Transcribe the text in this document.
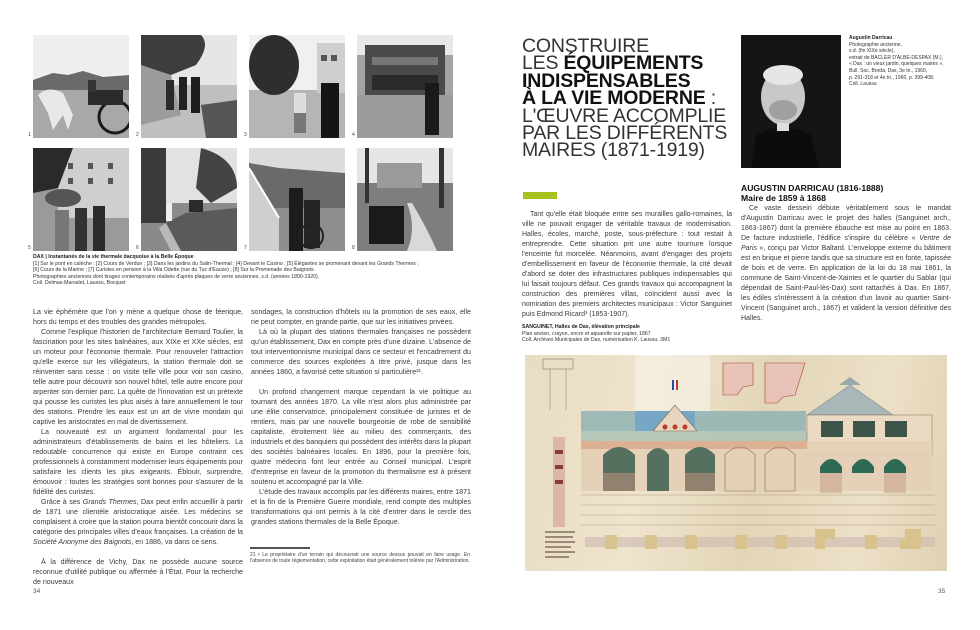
1	2	3	4
5	6	7	8
DAX | Instantanés de la vie thermale dacquoise à la Belle Époque
[1] Sur le pont en calèche ; [2] Cours de Verdun ; [3] Dans les jardins du Salin-Thermal ; [4] Devant le Casino ; [5] Élégantes se promenant devant les Grands Thermes ;
[6] Cours de la Marine ; [7] Curistes en pension à la Villa Odette (rue du Tuc d'Eauze) ; [8] Sur la Promenade des Baignots.
Photographies anciennes dont tirages contemporains réalisés d'après plaques de verre anciennes, s.d. (années 1890-1920).
Coll. Delmas-Marsalet, Laussu, Bocquet

La vie éphémère que l'on y mène a quelque chose de féerique, hors du temps et des troubles des grandes métropoles.

Comme l'explique l'historien de l'architecture Bernard Toulier, la fascination pour les sites balnéaires, aux XIXe et XXe siècles, est un moteur pour l'économie thermale. Pour renouveler l'attraction qu'elle exerce sur les villégiateurs, la station thermale doit se réinventer sans cesse : on visite telle ville pour voir son casino, telle autre pour découvrir son nouvel hôtel, telle autre encore pour arpenter son dernier parc. La quête de l'innovation est un prétexte qui pousse les curistes les plus aisés à faire annuellement le tour des stations. Prendre les eaux est un art de vivre mondain qui captive les aristocrates en mal de divertissement.

La nouveauté est un argument fondamental pour les administrateurs d'établissements de bains et les hôteliers. La redoutable concurrence qui existe en Europe contraint ces professionnels à constamment moderniser leurs équipements pour satisfaire les clients les plus exigeants. Éblouir, surprendre, émouvoir : toutes les stratégies sont bonnes pour s'assurer de la fidélité des curistes.

Grâce à ses Grands Thermes, Dax peut enfin accueillir à partir de 1871 une clientèle aristocratique aisée. Les médecins se complaisent à croire que la station pourra bientôt concourir dans la catégorie des principales villes d'eaux françaises. La création de la Société Anonyme des Baignots, en 1886, va dans ce sens.

À la différence de Vichy, Dax ne possède aucune source reconnue d'utilité publique ou affermée à l'État. Pour la recherche de nouveaux

sondages, la construction d'hôtels ou la promotion de ses eaux, elle ne peut compter, en grande partie, que sur les initiatives privées.

Là où la plupart des stations thermales françaises ne possèdent qu'un établissement, Dax en compte près d'une dizaine. L'absence de tout interventionnisme municipal dans ce secteur et l'encadrement du commerce des sources exploitées à titre privé, jusque dans les années 1860, a favorisé cette situation si particulière²¹.

Un profond changement marque cependant la vie politique au tournant des années 1870. La ville n'est alors plus administrée par une élite conservatrice, principalement constituée de juristes et de rentiers, mais par une nouvelle bourgeoisie de robe de sensibilité capitaliste, étroitement liée au milieu des commerçants, des industriels et des banquiers qui possèdent des intérêts dans la plupart des sociétés balnéaires locales. En 1896, pour la première fois, quatre médecins font leur entrée au Conseil municipal. L'esprit d'entreprise en faveur de la promotion du thermalisme est à présent soutenu et accompagné par la Ville.

L'étude des travaux accomplis par les différents maires, entre 1871 et la fin de la Première Guerre mondiale, rend compte des multiples transformations qui ont permis à la cité d'entrer dans le cercle des grandes stations thermales de la Belle Époque.

21 • Le propriétaire d'un terrain qui découvrait une source dessus pouvait en faire usage. En l'absence de toute réglementation, cette exploitation était généralement tolérée par l'Administration.
34
CONSTRUIRE
LES ÉQUIPEMENTS
INDISPENSABLES
À LA VIE MODERNE :
L'ŒUVRE ACCOMPLIE
PAR LES DIFFÉRENTS
MAIRES (1871-1919)

Tant qu'elle était bloquée entre ses murailles gallo-romaines, la ville ne pouvait engager de véritable travaux de modernisation. Halles, écoles, marché, poste, sous-préfecture : tout restait à entreprendre. Cette situation prit une autre tournure lorsque l'enceinte fut morcelée. Néanmoins, avant d'engager des projets d'embellissement en faveur de l'économie thermale, la cité devait d'abord se doter des infrastructures publiques indispensables qui lui faisait toujours défaut. Ces grands travaux qui accompagnent la construction des premières villas, coïncident aussi avec la nomination des premiers architectes municipaux : Victor Sanguinet puis Edmond Ricard³ (1853-1907).

Augustin Darricau
Photographie ancienne,
s.d. (fin XIXe siècle),
extrait de BACLER D'ALBE-DESPAX (M.),
« Dax : un vieux jardin, quelques maires »,
Bull. Soc. Borda, Dax, 3e tri., 1960,
p. 291-318 et 4e tri., 1960, p. 399-408.
Coll. Laussu
AUGUSTIN DARRICAU (1816-1888)
Maire de 1859 à 1868

Ce vaste dessein débute véritablement sous le mandat d'Augustin Darricau avec le projet des halles (Sanguinet arch., 1863-1867) dont la première ébauche est mise au point en 1863. De facture industrielle, l'édifice s'inspire du célèbre « Ventre de Paris », conçu par Victor Baltard. L'enveloppe externe du bâtiment est en brique et pierre tandis que sa structure est en fonte, tapissée de bois et de verre. En application de la loi du 18 mai 1861, la commune de Saint-Vincent-de-Xaintes et le quartier du Sablar (qui dépendait de Saint-Paul-lès-Dax) sont rattachés à Dax. En 1867, les édiles s'intéressent à la création d'un lavoir au quartier Saint-Vincent (Sanguinet arch., 1867) et valident la version définitive des Halles.

SANGUINET, Halles de Dax, élévation principale
Plan ancien, crayon, encre et aquarelle sur papier, 1867
Coll. Archives Municipales de Dax, numérisation K. Laussu, 3M1
35
